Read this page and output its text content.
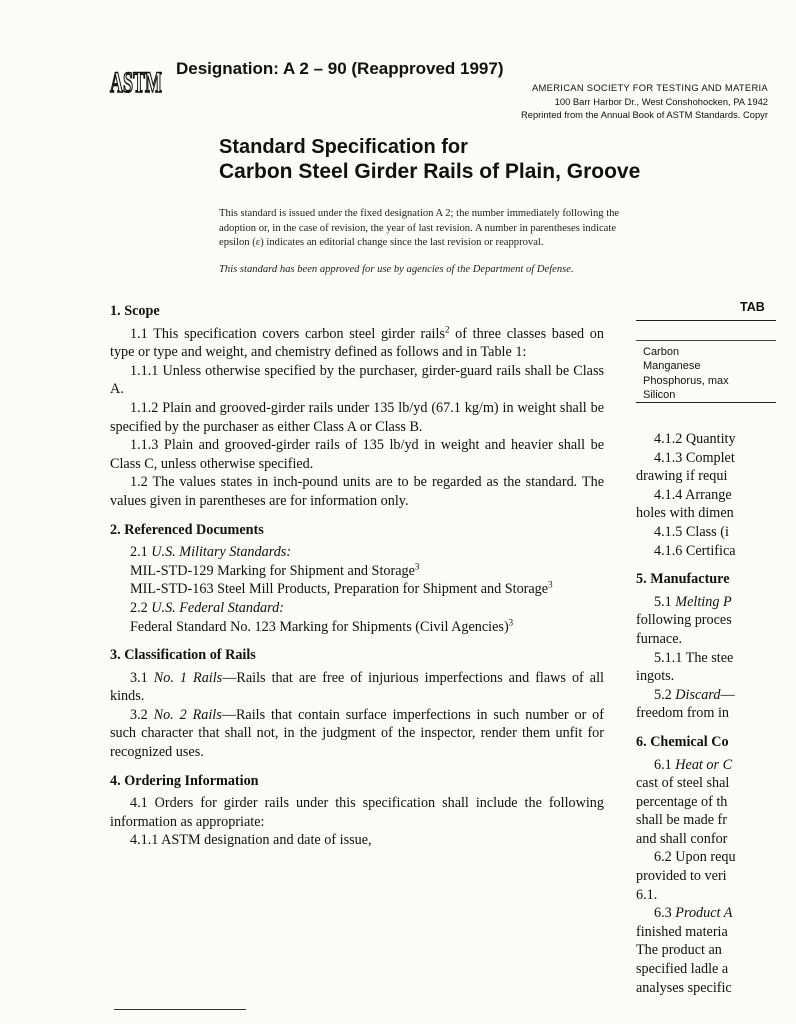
ASTM Designation: A 2 – 90 (Reapproved 1997)
AMERICAN SOCIETY FOR TESTING AND MATERIA
100 Barr Harbor Dr., West Conshohocken, PA 1942
Reprinted from the Annual Book of ASTM Standards. Copyr
Standard Specification for
Carbon Steel Girder Rails of Plain, Groove
This standard is issued under the fixed designation A 2; the number immediately following the
adoption or, in the case of revision, the year of last revision. A number in parentheses indicate
epsilon (ε) indicates an editorial change since the last revision or reapproval.
This standard has been approved for use by agencies of the Department of Defense.
1. Scope

1.1 This specification covers carbon steel girder rails$^2$ of three classes based on type or type and weight, and chemistry defined as follows and in Table 1:

1.1.1 Unless otherwise specified by the purchaser, girder-guard rails shall be Class A.

1.1.2 Plain and grooved-girder rails under 135 lb/yd (67.1 kg/m) in weight shall be specified by the purchaser as either Class A or Class B.

1.1.3 Plain and grooved-girder rails of 135 lb/yd in weight and heavier shall be Class C, unless otherwise specified.

1.2 The values states in inch-pound units are to be regarded as the standard. The values given in parentheses are for information only.

2. Referenced Documents

2.1 U.S. Military Standards:

MIL-STD-129 Marking for Shipment and Storage$^3$

MIL-STD-163 Steel Mill Products, Preparation for Shipment and Storage$^3$

2.2 U.S. Federal Standard:

Federal Standard No. 123 Marking for Shipments (Civil Agencies)$^3$

3. Classification of Rails

3.1 No. 1 Rails—Rails that are free of injurious imperfections and flaws of all kinds.

3.2 No. 2 Rails—Rails that contain surface imperfections in such number or of such character that shall not, in the judgment of the inspector, render them unfit for recognized uses.

4. Ordering Information

4.1 Orders for girder rails under this specification shall include the following information as appropriate:

4.1.1 ASTM designation and date of issue,

TAB
Carbon
Manganese
Phosphorus, max
Silicon

4.1.2 Quantity

4.1.3 Complet

drawing if requi

4.1.4 Arrange

holes with dimen

4.1.5 Class (i

4.1.6 Certifica

5. Manufacture

5.1 Melting P

following proces

furnace.

5.1.1 The stee

ingots.

5.2 Discard—

freedom from in

6. Chemical Co

6.1 Heat or C

cast of steel shal

percentage of th

shall be made fr

and shall confor

6.2 Upon requ

provided to veri

6.1.

6.3 Product A

finished materia

The product an

specified ladle a

analyses specific
